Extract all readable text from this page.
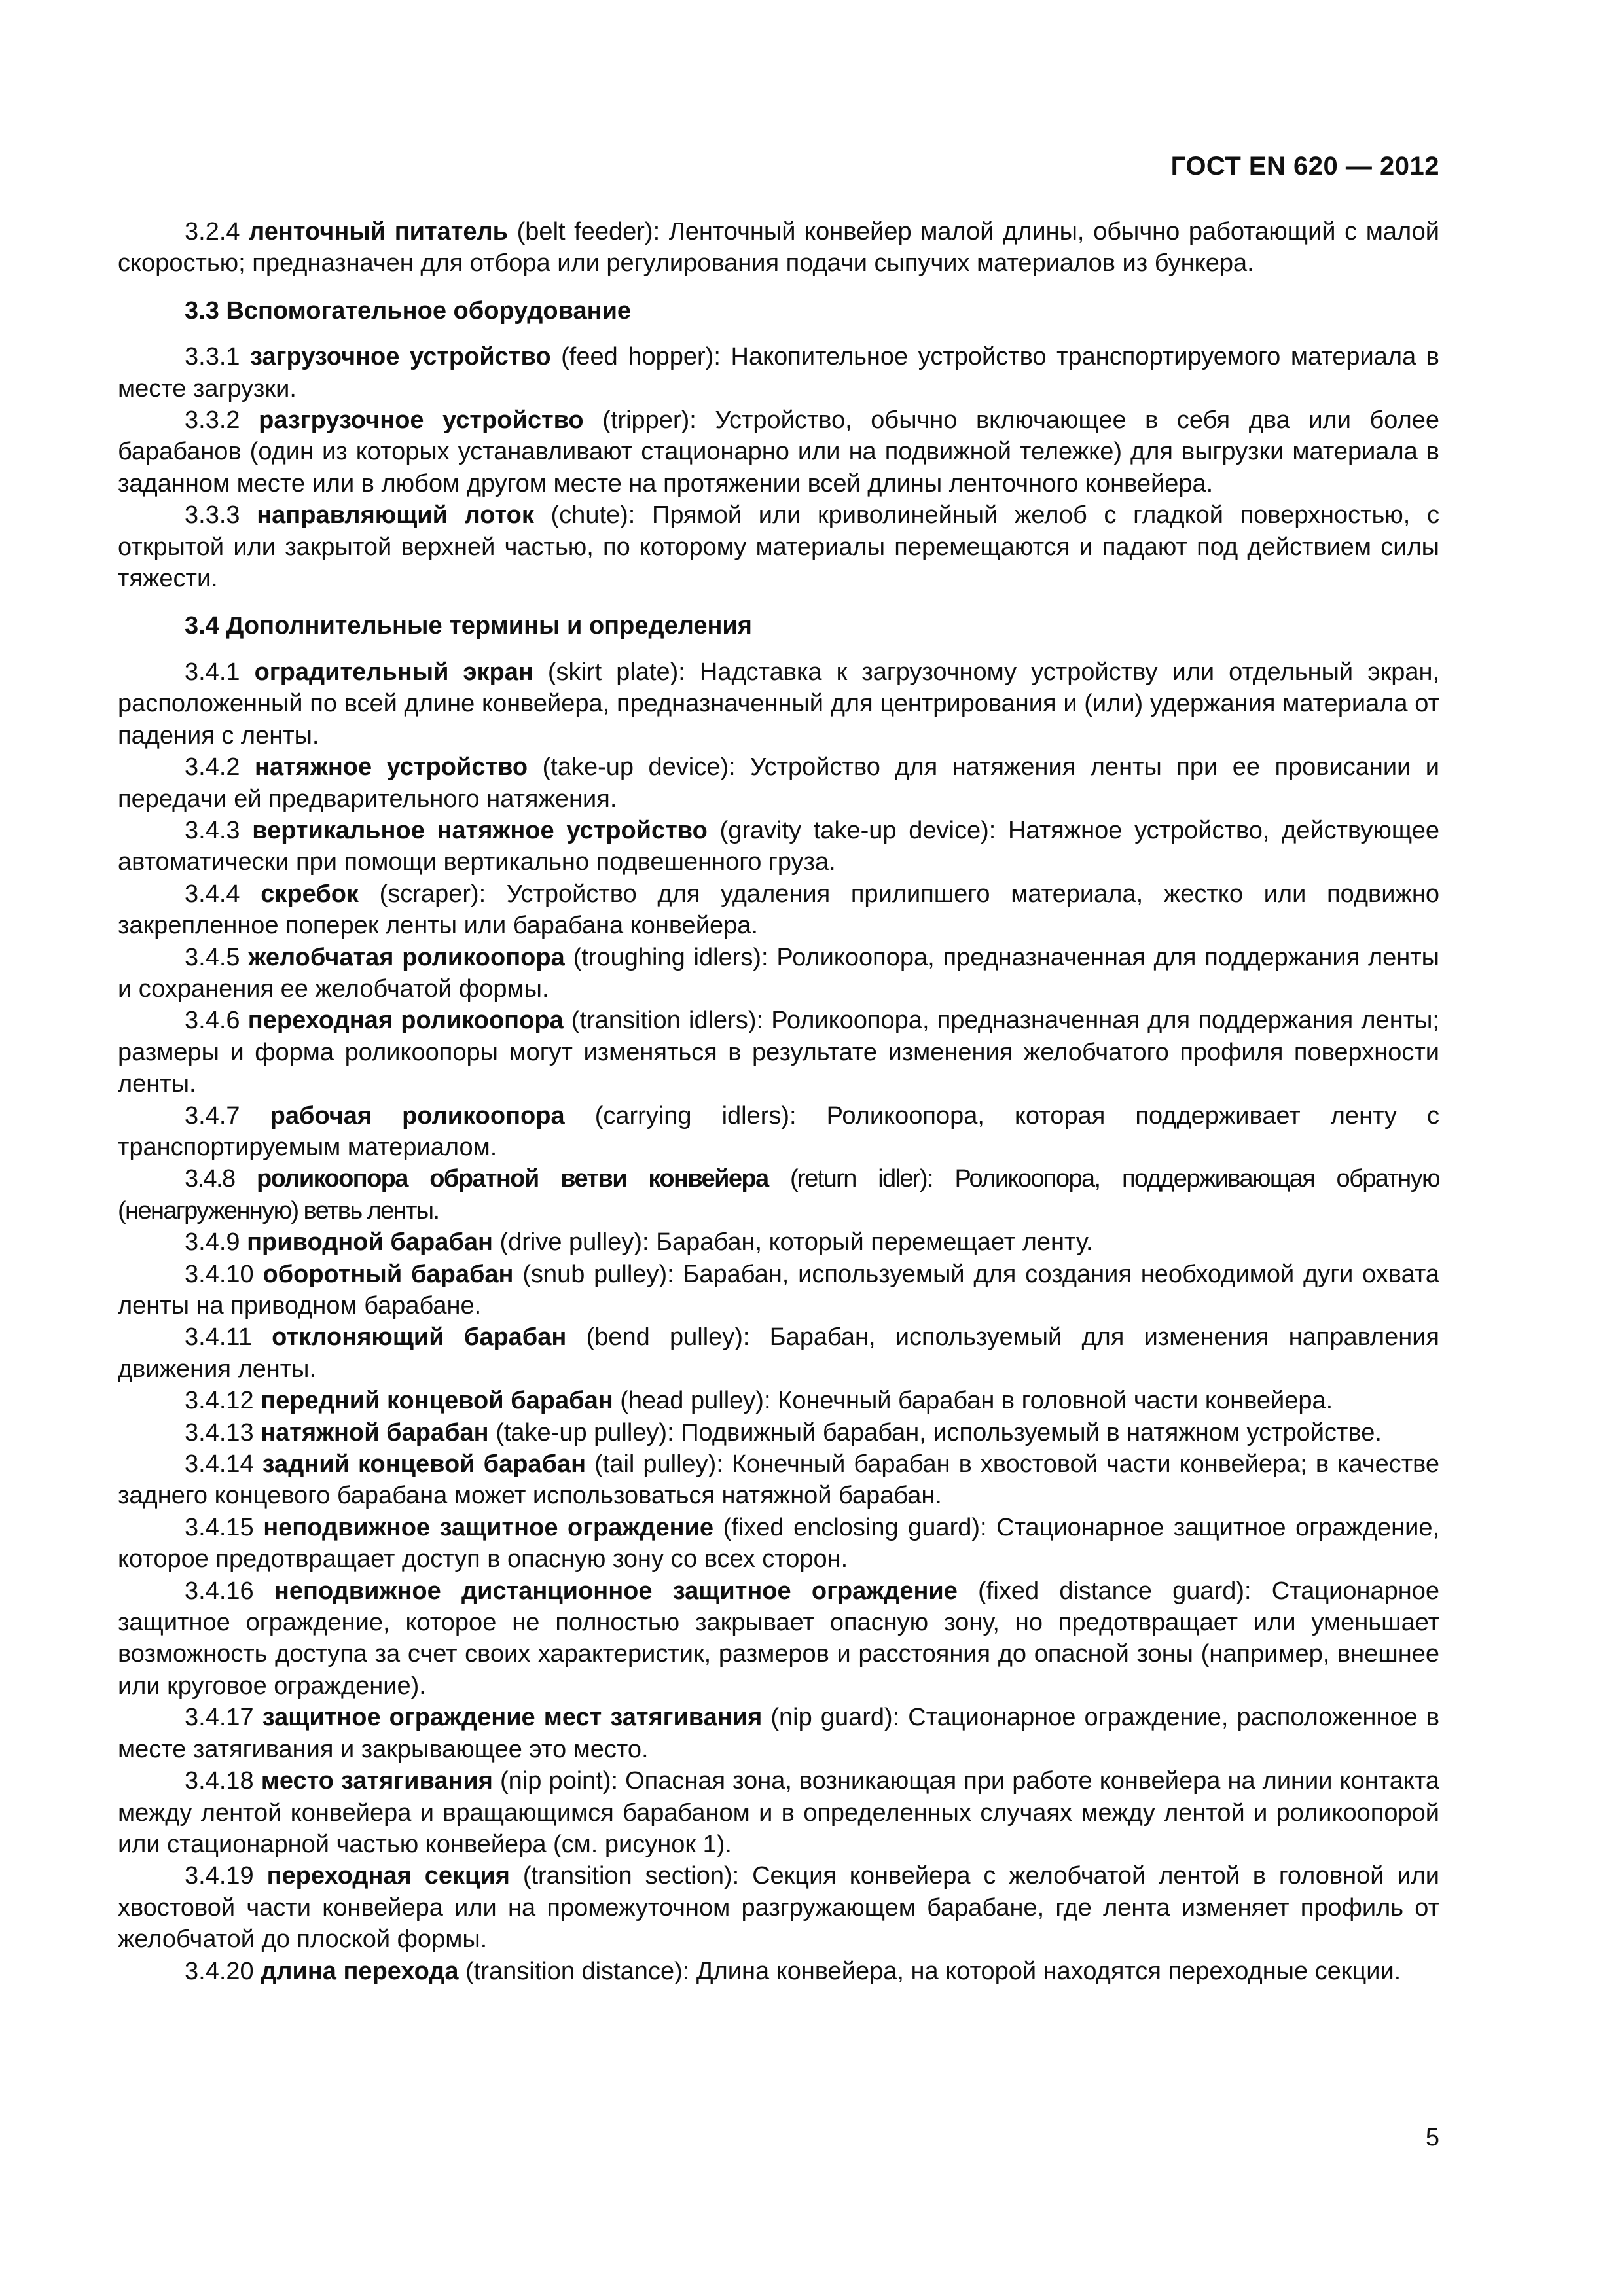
ГОСТ EN 620 — 2012

3.2.4 ленточный питатель (belt feeder): Ленточный конвейер малой длины, обычно работающий с малой скоростью; предназначен для отбора или регулирования подачи сыпучих материалов из бункера.

3.3 Вспомогательное оборудование

3.3.1 загрузочное устройство (feed hopper): Накопительное устройство транспортируемого материала в месте загрузки.

3.3.2 разгрузочное устройство (tripper): Устройство, обычно включающее в себя два или более барабанов (один из которых устанавливают стационарно или на подвижной тележке) для выгрузки материала в заданном месте или в любом другом месте на протяжении всей длины ленточного конвейера.

3.3.3 направляющий лоток (chute): Прямой или криволинейный желоб с гладкой поверхностью, с открытой или закрытой верхней частью, по которому материалы перемещаются и падают под действием силы тяжести.

3.4 Дополнительные термины и определения

3.4.1 оградительный экран (skirt plate): Надставка к загрузочному устройству или отдельный экран, расположенный по всей длине конвейера, предназначенный для центрирования и (или) удержания материала от падения с ленты.

3.4.2 натяжное устройство (take-up device): Устройство для натяжения ленты при ее провисании и передачи ей предварительного натяжения.

3.4.3 вертикальное натяжное устройство (gravity take-up device): Натяжное устройство, действующее автоматически при помощи вертикально подвешенного груза.

3.4.4 скребок (scraper): Устройство для удаления прилипшего материала, жестко или подвижно закрепленное поперек ленты или барабана конвейера.

3.4.5 желобчатая роликоопора (troughing idlers): Роликоопора, предназначенная для поддержания ленты и сохранения ее желобчатой формы.

3.4.6 переходная роликоопора (transition idlers): Роликоопора, предназначенная для поддержания ленты; размеры и форма роликоопоры могут изменяться в результате изменения желобчатого профиля поверхности ленты.

3.4.7 рабочая роликоопора (carrying idlers): Роликоопора, которая поддерживает ленту с транспортируемым материалом.

3.4.8 роликоопора обратной ветви конвейера (return idler): Роликоопора, поддерживающая обратную (ненагруженную) ветвь ленты.

3.4.9 приводной барабан (drive pulley): Барабан, который перемещает ленту.

3.4.10 оборотный барабан (snub pulley): Барабан, используемый для создания необходимой дуги охвата ленты на приводном барабане.

3.4.11 отклоняющий барабан (bend pulley): Барабан, используемый для изменения направления движения ленты.

3.4.12 передний концевой барабан (head pulley): Конечный барабан в головной части конвейера.

3.4.13 натяжной барабан (take-up pulley): Подвижный барабан, используемый в натяжном устройстве.

3.4.14 задний концевой барабан (tail pulley): Конечный барабан в хвостовой части конвейера; в качестве заднего концевого барабана может использоваться натяжной барабан.

3.4.15 неподвижное защитное ограждение (fixed enclosing guard): Стационарное защитное ограждение, которое предотвращает доступ в опасную зону со всех сторон.

3.4.16 неподвижное дистанционное защитное ограждение (fixed distance guard): Стационарное защитное ограждение, которое не полностью закрывает опасную зону, но предотвращает или уменьшает возможность доступа за счет своих характеристик, размеров и расстояния до опасной зоны (например, внешнее или круговое ограждение).

3.4.17 защитное ограждение мест затягивания (nip guard): Стационарное ограждение, расположенное в месте затягивания и закрывающее это место.

3.4.18 место затягивания (nip point): Опасная зона, возникающая при работе конвейера на линии контакта между лентой конвейера и вращающимся барабаном и в определенных случаях между лентой и роликоопорой или стационарной частью конвейера (см. рисунок 1).

3.4.19 переходная секция (transition section): Секция конвейера с желобчатой лентой в головной или хвостовой части конвейера или на промежуточном разгружающем барабане, где лента изменяет профиль от желобчатой до плоской формы.

3.4.20 длина перехода (transition distance): Длина конвейера, на которой находятся переходные секции.

5
